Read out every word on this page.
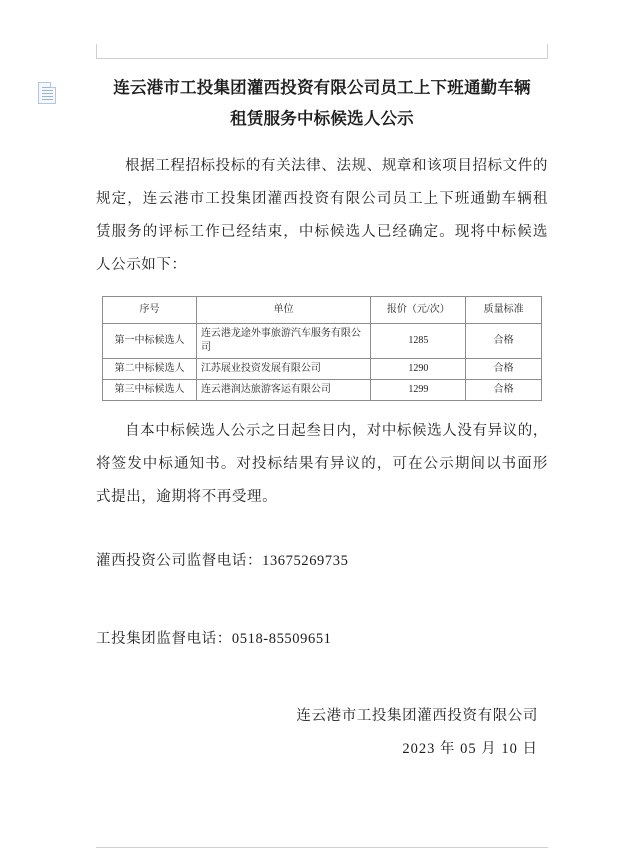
连云港市工投集团灌西投资有限公司员工上下班通勤车辆
租赁服务中标候选人公示

根据工程招标投标的有关法律、法规、规章和该项目招标文件的规定，连云港市工投集团灌西投资有限公司员工上下班通勤车辆租赁服务的评标工作已经结束，中标候选人已经确定。现将中标候选人公示如下：

序号	单位	报价（元/次）	质量标准
第一中标候选人	连云港龙途外事旅游汽车服务有限公司	1285	合格
第二中标候选人	江苏展业投资发展有限公司	1290	合格
第三中标候选人	连云港润达旅游客运有限公司	1299	合格

自本中标候选人公示之日起叁日内，对中标候选人没有异议的，将签发中标通知书。对投标结果有异议的，可在公示期间以书面形式提出，逾期将不再受理。

灌西投资公司监督电话：13675269735

工投集团监督电话：0518-85509651

连云港市工投集团灌西投资有限公司
2023 年 05 月 10 日
